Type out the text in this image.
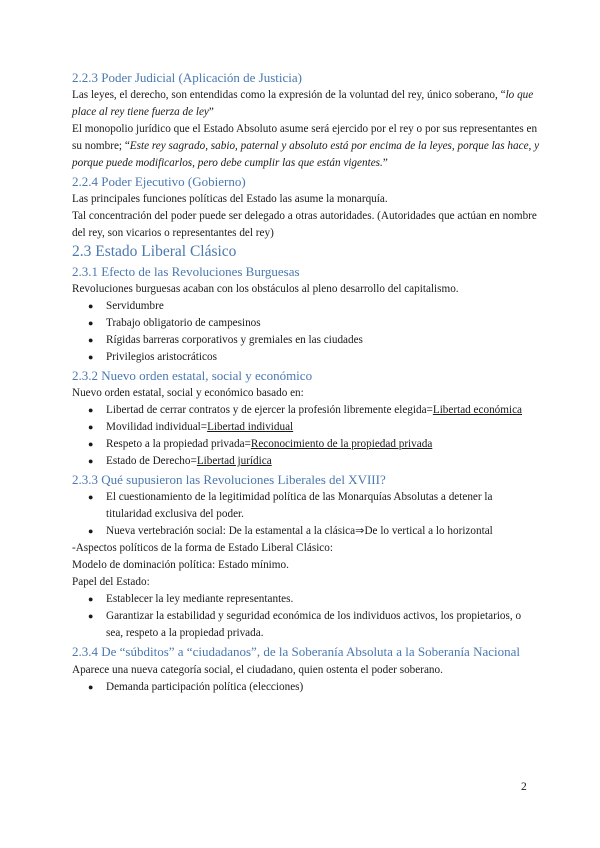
2.2.3 Poder Judicial (Aplicación de Justicia)

Las leyes, el derecho, son entendidas como la expresión de la voluntad del rey, único soberano, “lo que place al rey tiene fuerza de ley”

El monopolio jurídico que el Estado Absoluto asume será ejercido por el rey o por sus representantes en su nombre; “Este rey sagrado, sabio, paternal y absoluto está por encima de la leyes, porque las hace, y porque puede modificarlos, pero debe cumplir las que están vigentes.”

2.2.4 Poder Ejecutivo (Gobierno)

Las principales funciones políticas del Estado las asume la monarquía.

Tal concentración del poder puede ser delegado a otras autoridades. (Autoridades que actúan en nombre del rey, son vicarios o representantes del rey)

2.3 Estado Liberal Clásico
2.3.1 Efecto de las Revoluciones Burguesas

Revoluciones burguesas acaban con los obstáculos al pleno desarrollo del capitalismo.

● Servidumbre
● Trabajo obligatorio de campesinos
● Rígidas barreras corporativos y gremiales en las ciudades
● Privilegios aristocráticos
2.3.2 Nuevo orden estatal, social y económico

Nuevo orden estatal, social y económico basado en:

● Libertad de cerrar contratos y de ejercer la profesión libremente elegida=Libertad económica
● Movilidad individual=Libertad individual
● Respeto a la propiedad privada=Reconocimiento de la propiedad privada
● Estado de Derecho=Libertad jurídica
2.3.3 Qué supusieron las Revoluciones Liberales del XVIII?
● El cuestionamiento de la legitimidad política de las Monarquías Absolutas a detener la titularidad exclusiva del poder.
● Nueva vertebración social: De la estamental a la clásica⇒De lo vertical a lo horizontal

-Aspectos políticos de la forma de Estado Liberal Clásico:

Modelo de dominación política: Estado mínimo.

Papel del Estado:

● Establecer la ley mediante representantes.
● Garantizar la estabilidad y seguridad económica de los individuos activos, los propietarios, o sea, respeto a la propiedad privada.
2.3.4 De “súbditos” a “ciudadanos”, de la Soberanía Absoluta a la Soberanía Nacional

Aparece una nueva categoría social, el ciudadano, quien ostenta el poder soberano.

● Demanda participación política (elecciones)
2
